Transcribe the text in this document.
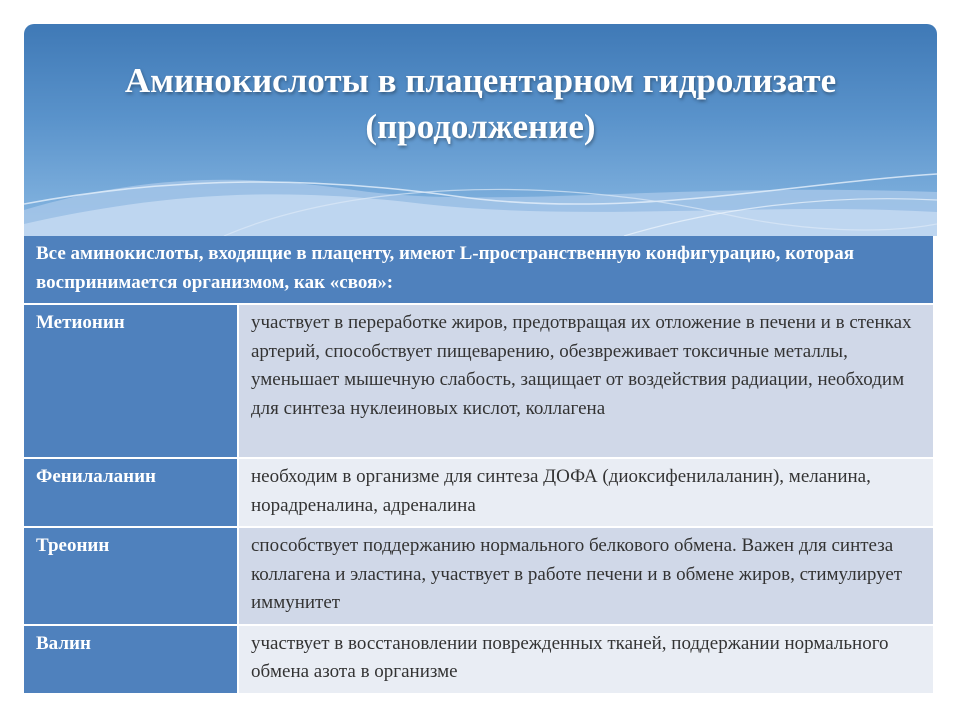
Аминокислоты в плацентарном гидролизате
(продолжение)
Все аминокислоты, входящие в плаценту, имеют L-пространственную конфигурацию, которая воспринимается организмом, как «своя»:	
Метионин	участвует в переработке жиров, предотвращая их отложение в печени и в стенках артерий, способствует пищеварению, обезвреживает токсичные металлы, уменьшает мышечную слабость, защищает от воздействия радиации, необходим для синтеза нуклеиновых кислот, коллагена
Фенилаланин	необходим в организме для синтеза ДОФА (диоксифенилаланин), меланина, норадреналина, адреналина
Треонин	способствует поддержанию нормального белкового обмена. Важен для синтеза коллагена и эластина, участвует в работе печени и в обмене жиров, стимулирует иммунитет
Валин	участвует в восстановлении поврежденных тканей, поддержании нормального обмена азота в организме
